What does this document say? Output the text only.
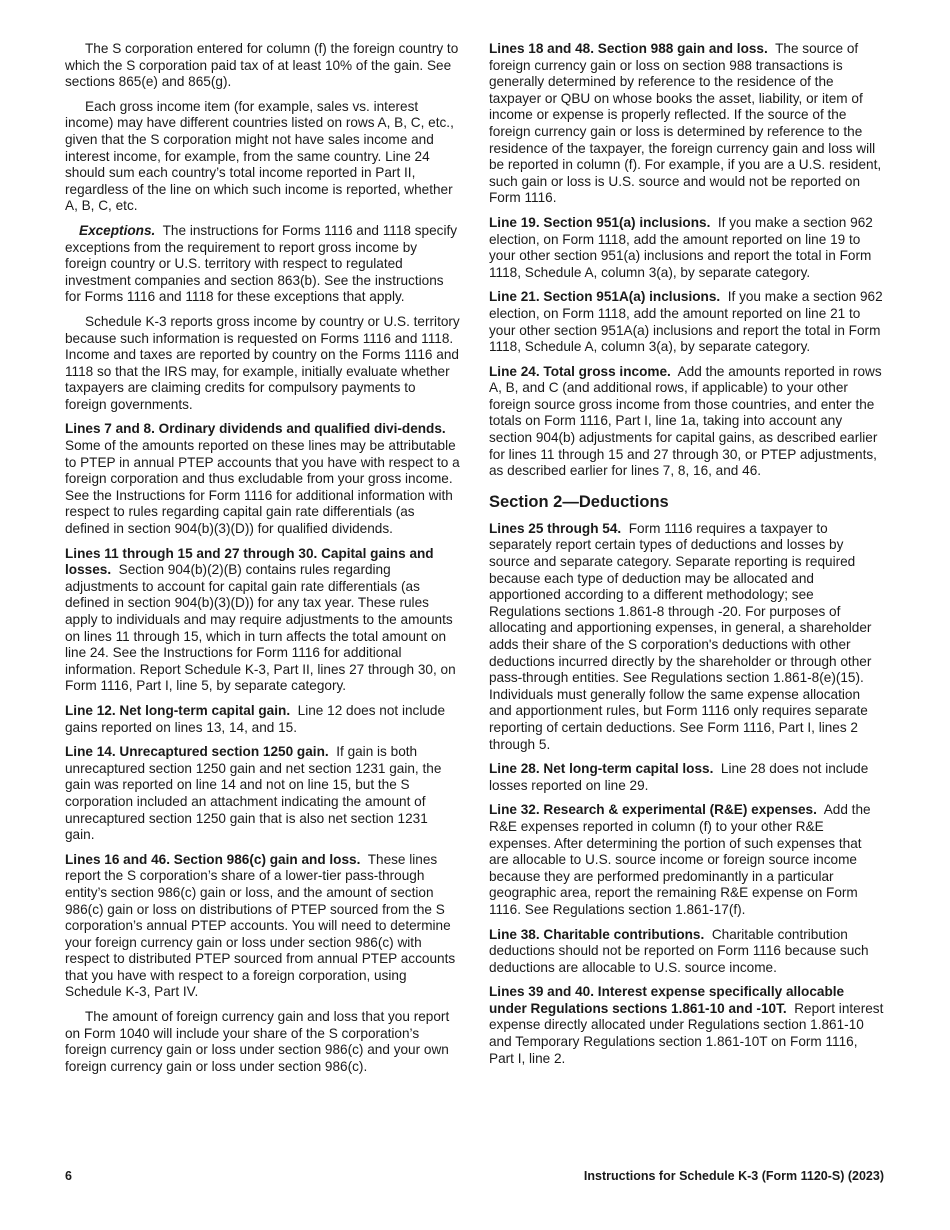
The S corporation entered for column (f) the foreign country to which the S corporation paid tax of at least 10% of the gain. See sections 865(e) and 865(g).

Each gross income item (for example, sales vs. interest income) may have different countries listed on rows A, B, C, etc., given that the S corporation might not have sales income and interest income, for example, from the same country. Line 24 should sum each country’s total income reported in Part II, regardless of the line on which such income is reported, whether A, B, C, etc.

Exceptions. The instructions for Forms 1116 and 1118 specify exceptions from the requirement to report gross income by foreign country or U.S. territory with respect to regulated investment companies and section 863(b). See the instructions for Forms 1116 and 1118 for these exceptions that apply.

Schedule K-3 reports gross income by country or U.S. territory because such information is requested on Forms 1116 and 1118. Income and taxes are reported by country on the Forms 1116 and 1118 so that the IRS may, for example, initially evaluate whether taxpayers are claiming credits for compulsory payments to foreign governments.

Lines 7 and 8. Ordinary dividends and qualified divi-dends.  Some of the amounts reported on these lines may be attributable to PTEP in annual PTEP accounts that you have with respect to a foreign corporation and thus excludable from your gross income. See the Instructions for Form 1116 for additional information with respect to rules regarding capital gain rate differentials (as defined in section 904(b)(3)(D)) for qualified dividends.

Lines 11 through 15 and 27 through 30. Capital gains and losses. Section 904(b)(2)(B) contains rules regarding adjustments to account for capital gain rate differentials (as defined in section 904(b)(3)(D)) for any tax year. These rules apply to individuals and may require adjustments to the amounts on lines 11 through 15, which in turn affects the total amount on line 24. See the Instructions for Form 1116 for additional information. Report Schedule K-3, Part II, lines 27 through 30, on Form 1116, Part I, line 5, by separate category.

Line 12. Net long-term capital gain. Line 12 does not include gains reported on lines 13, 14, and 15.

Line 14. Unrecaptured section 1250 gain. If gain is both unrecaptured section 1250 gain and net section 1231 gain, the gain was reported on line 14 and not on line 15, but the S corporation included an attachment indicating the amount of unrecaptured section 1250 gain that is also net section 1231 gain.

Lines 16 and 46. Section 986(c) gain and loss. These lines report the S corporation’s share of a lower-tier pass-through entity’s section 986(c) gain or loss, and the amount of section 986(c) gain or loss on distributions of PTEP sourced from the S corporation’s annual PTEP accounts. You will need to determine your foreign currency gain or loss under section 986(c) with respect to distributed PTEP sourced from annual PTEP accounts that you have with respect to a foreign corporation, using Schedule K-3, Part IV.

The amount of foreign currency gain and loss that you report on Form 1040 will include your share of the S corporation’s foreign currency gain or loss under section 986(c) and your own foreign currency gain or loss under section 986(c).

Lines 18 and 48. Section 988 gain and loss. The source of foreign currency gain or loss on section 988 transactions is generally determined by reference to the residence of the taxpayer or QBU on whose books the asset, liability, or item of income or expense is properly reflected. If the source of the foreign currency gain or loss is determined by reference to the residence of the taxpayer, the foreign currency gain and loss will be reported in column (f). For example, if you are a U.S. resident, such gain or loss is U.S. source and would not be reported on Form 1116.

Line 19. Section 951(a) inclusions. If you make a section 962 election, on Form 1118, add the amount reported on line 19 to your other section 951(a) inclusions and report the total in Form 1118, Schedule A, column 3(a), by separate category.

Line 21. Section 951A(a) inclusions. If you make a section 962 election, on Form 1118, add the amount reported on line 21 to your other section 951A(a) inclusions and report the total in Form 1118, Schedule A, column 3(a), by separate category.

Line 24. Total gross income. Add the amounts reported in rows A, B, and C (and additional rows, if applicable) to your other foreign source gross income from those countries, and enter the totals on Form 1116, Part I, line 1a, taking into account any section 904(b) adjustments for capital gains, as described earlier for lines 11 through 15 and 27 through 30, or PTEP adjustments, as described earlier for lines 7, 8, 16, and 46.

Section 2—Deductions

Lines 25 through 54. Form 1116 requires a taxpayer to separately report certain types of deductions and losses by source and separate category. Separate reporting is required because each type of deduction may be allocated and apportioned according to a different methodology; see Regulations sections 1.861-8 through -20. For purposes of allocating and apportioning expenses, in general, a shareholder adds their share of the S corporation's deductions with other deductions incurred directly by the shareholder or through other pass-through entities. See Regulations section 1.861-8(e)(15). Individuals must generally follow the same expense allocation and apportionment rules, but Form 1116 only requires separate reporting of certain deductions. See Form 1116, Part I, lines 2 through 5.

Line 28. Net long-term capital loss. Line 28 does not include losses reported on line 29.

Line 32. Research & experimental (R&E) expenses. Add the R&E expenses reported in column (f) to your other R&E expenses. After determining the portion of such expenses that are allocable to U.S. source income or foreign source income because they are performed predominantly in a particular geographic area, report the remaining R&E expense on Form 1116. See Regulations section 1.861-17(f).

Line 38. Charitable contributions. Charitable contribution deductions should not be reported on Form 1116 because such deductions are allocable to U.S. source income.

Lines 39 and 40. Interest expense specifically allocable under Regulations sections 1.861-10 and -10T. Report interest expense directly allocated under Regulations section 1.861-10 and Temporary Regulations section 1.861-10T on Form 1116, Part I, line 2.

6	Instructions for Schedule K-3 (Form 1120-S) (2023)
